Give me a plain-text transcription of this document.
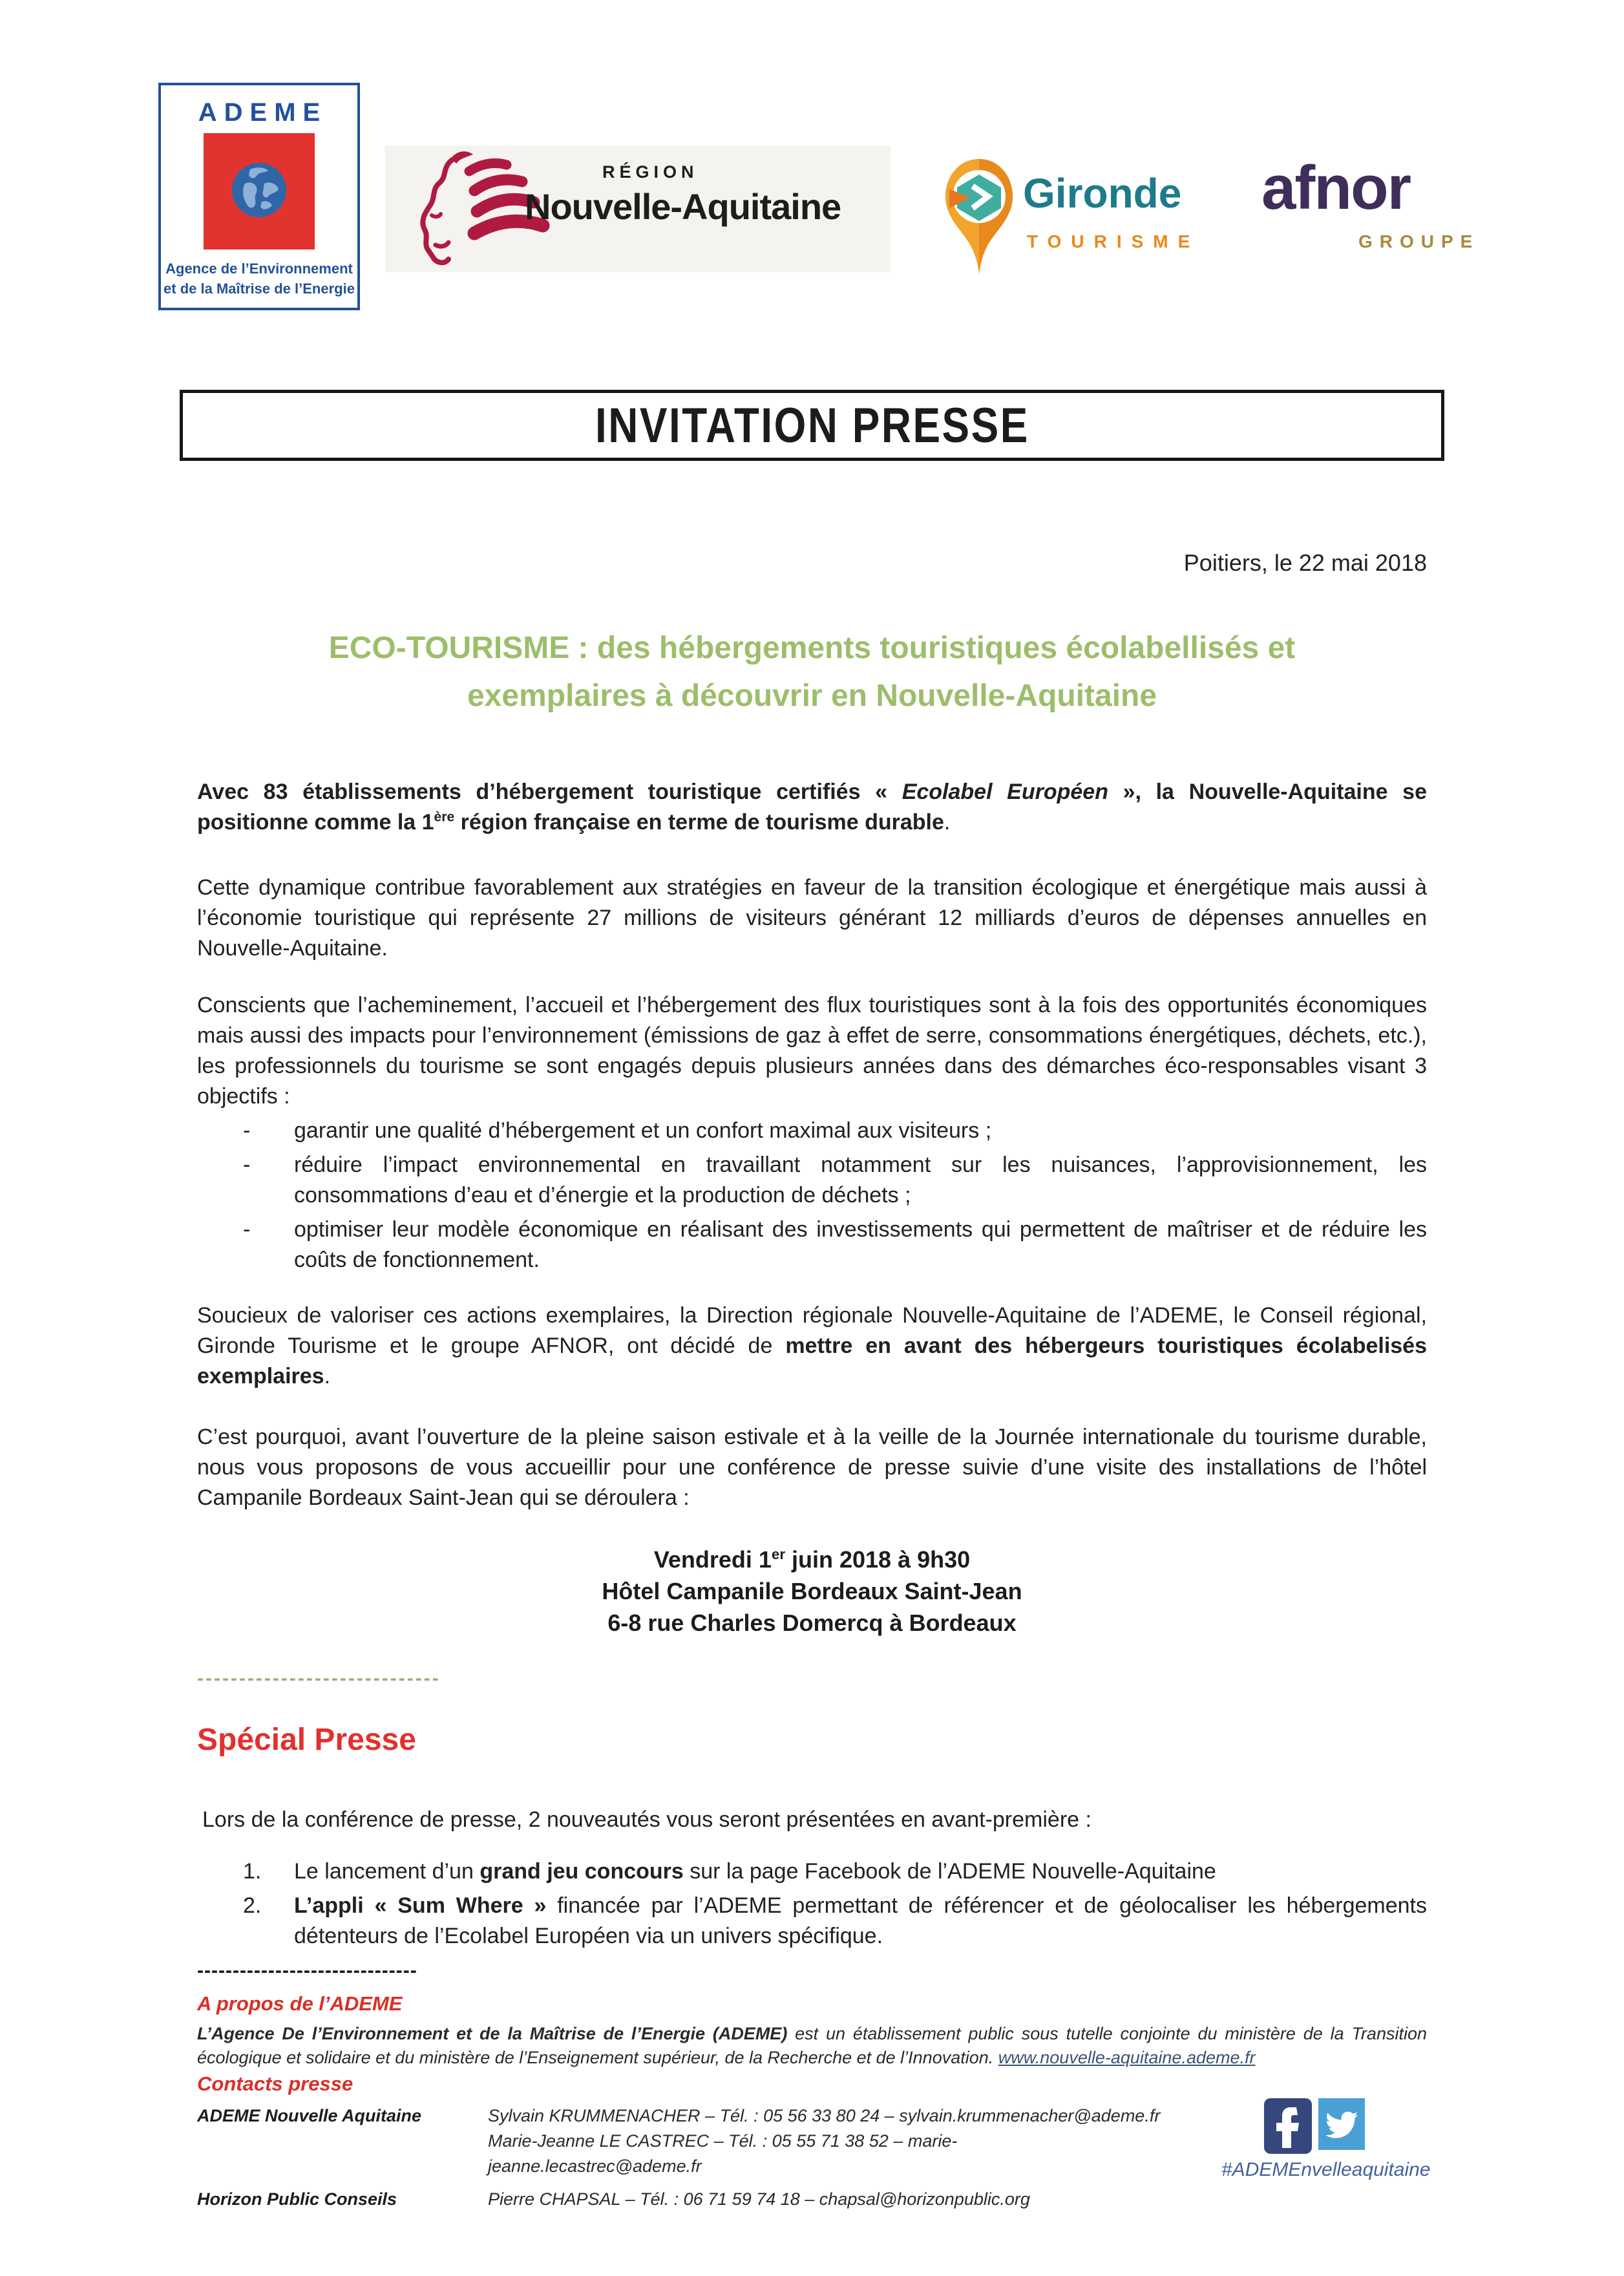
ADEME
Agence de l’Environnement
et de la Maîtrise de l’Energie
RÉGION
Nouvelle-Aquitaine	Gironde
TOURISME
afnor
GROUPE
INVITATION PRESSE
Poitiers, le 22 mai 2018
ECO-TOURISME : des hébergements touristiques écolabellisés et
exemplaires à découvrir en Nouvelle-Aquitaine

Avec 83 établissements d’hébergement touristique certifiés « Ecolabel Européen », la Nouvelle-Aquitaine se positionne comme la 1ère région française en terme de tourisme durable.

Cette dynamique contribue favorablement aux stratégies en faveur de la transition écologique et énergétique mais aussi à l’économie touristique qui représente 27 millions de visiteurs générant 12 milliards d’euros de dépenses annuelles en Nouvelle-Aquitaine.

Conscients que l’acheminement, l’accueil et l’hébergement des flux touristiques sont à la fois des opportunités économiques mais aussi des impacts pour l’environnement (émissions de gaz à effet de serre, consommations énergétiques, déchets, etc.), les professionnels du tourisme se sont engagés depuis plusieurs années dans des démarches éco-responsables visant 3 objectifs :

-	garantir une qualité d’hébergement et un confort maximal aux visiteurs ;
-	réduire l’impact environnemental en travaillant notamment sur les nuisances, l’approvisionnement, les consommations d’eau et d’énergie et la production de déchets ;
-	optimiser leur modèle économique en réalisant des investissements qui permettent de maîtriser et de réduire les coûts de fonctionnement.

Soucieux de valoriser ces actions exemplaires, la Direction régionale Nouvelle-Aquitaine de l’ADEME, le Conseil régional, Gironde Tourisme et le groupe AFNOR, ont décidé de mettre en avant des hébergeurs touristiques écolabelisés exemplaires.

C’est pourquoi, avant l’ouverture de la pleine saison estivale et à la veille de la Journée internationale du tourisme durable, nous vous proposons de vous accueillir pour une conférence de presse suivie d’une visite des installations de l’hôtel Campanile Bordeaux Saint-Jean qui se déroulera :

Vendredi 1er juin 2018 à 9h30
Hôtel Campanile Bordeaux Saint-Jean
6-8 rue Charles Domercq à Bordeaux
-----------------------------
Spécial Presse

Lors de la conférence de presse, 2 nouveautés vous seront présentées en avant-première :

1.	Le lancement d’un grand jeu concours sur la page Facebook de l’ADEME Nouvelle-Aquitaine
2.	L’appli « Sum Where » financée par l’ADEME permettant de référencer et de géolocaliser les hébergements détenteurs de l’Ecolabel Européen via un univers spécifique.
-------------------------------
A propos de l’ADEME

L’Agence De l’Environnement et de la Maîtrise de l’Energie (ADEME) est un établissement public sous tutelle conjointe du ministère de la Transition écologique et solidaire et du ministère de l’Enseignement supérieur, de la Recherche et de l’Innovation. www.nouvelle-aquitaine.ademe.fr

Contacts presse
ADEME Nouvelle Aquitaine	Sylvain KRUMMENACHER – Tél. : 05 56 33 80 24 – sylvain.krummenacher@ademe.fr
Marie-Jeanne LE CASTREC – Tél. : 05 55 71 38 52 – marie-jeanne.lecastrec@ademe.fr
Horizon Public Conseils	Pierre CHAPSAL – Tél. : 06 71 59 74 18 – chapsal@horizonpublic.org
#ADEMEnvelleaquitaine
